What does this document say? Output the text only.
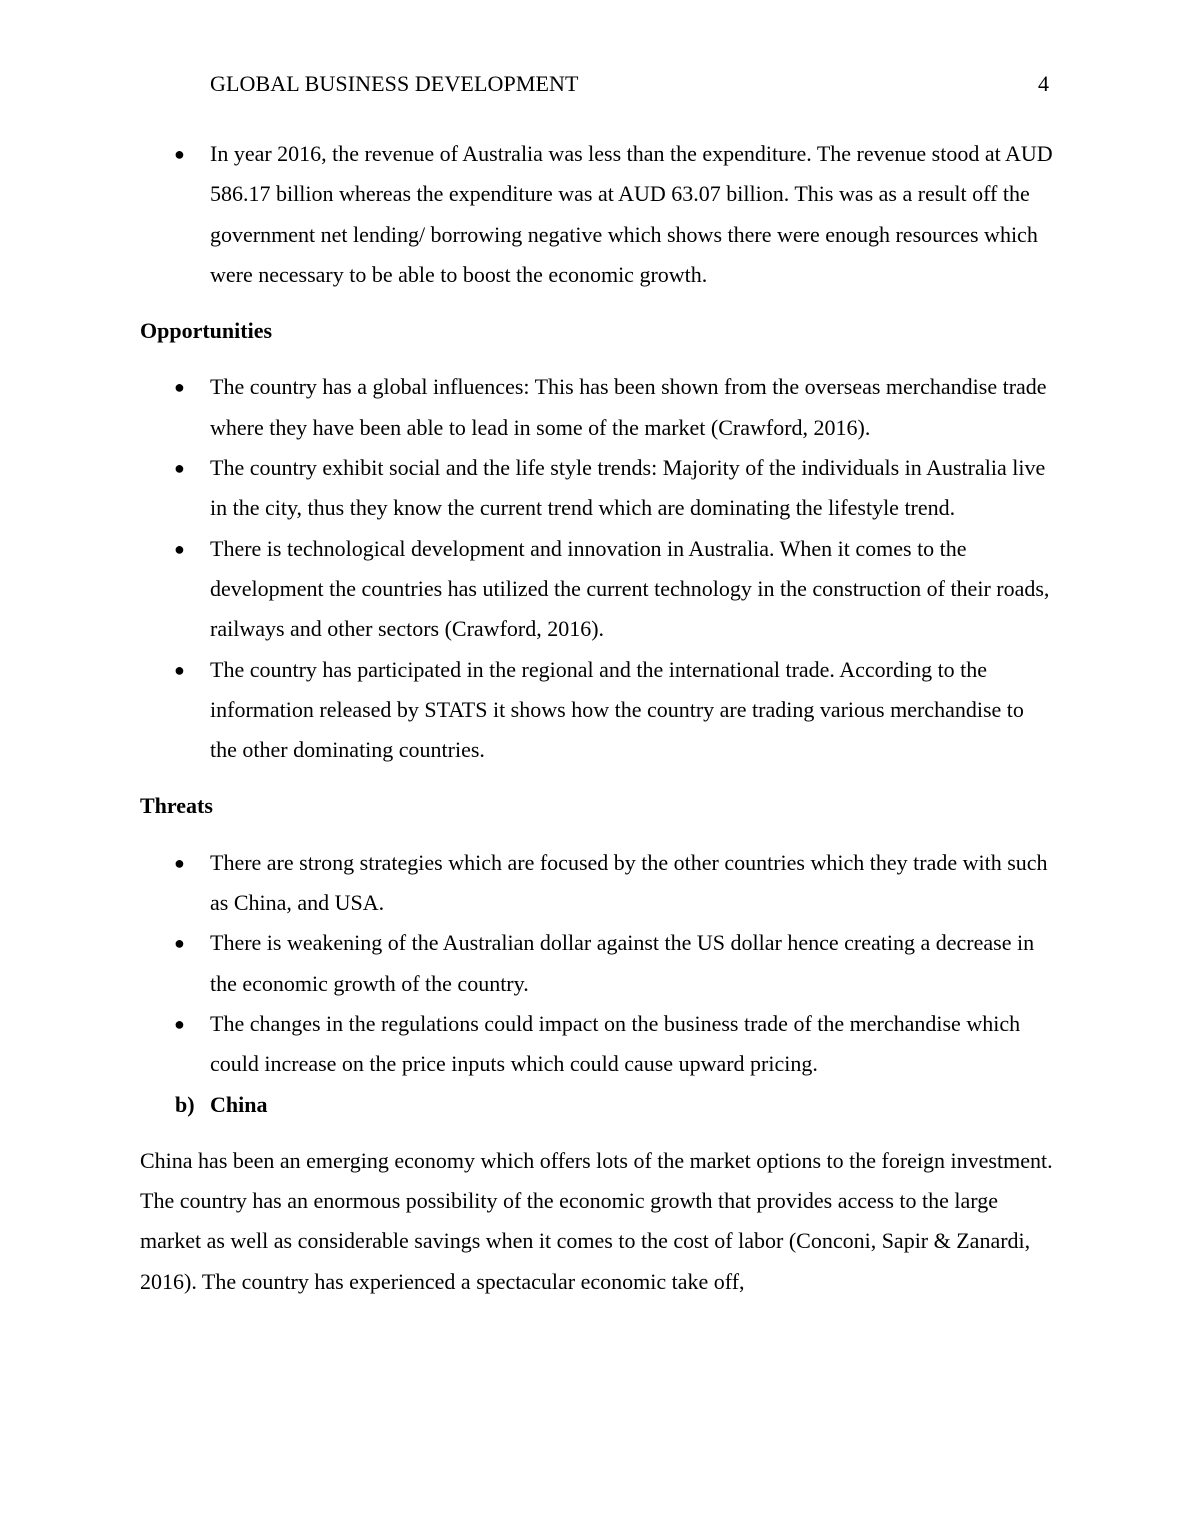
GLOBAL BUSINESS DEVELOPMENT	4
● In year 2016, the revenue of Australia was less than the expenditure. The revenue stood at AUD 586.17 billion whereas the expenditure was at AUD 63.07 billion. This was as a result off the government net lending/ borrowing negative which shows there were enough resources which were necessary to be able to boost the economic growth.
Opportunities
● The country has a global influences: This has been shown from the overseas merchandise trade where they have been able to lead in some of the market (Crawford, 2016).
● The country exhibit social and the life style trends: Majority of the individuals in Australia live in the city, thus they know the current trend which are dominating the lifestyle trend.
● There is technological development and innovation in Australia. When it comes to the development the countries has utilized the current technology in the construction of their roads, railways and other sectors (Crawford, 2016).
● The country has participated in the regional and the international trade. According to the information released by STATS it shows how the country are trading various merchandise to the other dominating countries.
Threats
● There are strong strategies which are focused by the other countries which they trade with such as China, and USA.
● There is weakening of the Australian dollar against the US dollar hence creating a decrease in the economic growth of the country.
● The changes in the regulations could impact on the business trade of the merchandise which could increase on the price inputs which could cause upward pricing.
b) China
China has been an emerging economy which offers lots of the market options to the foreign investment. The country has an enormous possibility of the economic growth that provides access to the large market as well as considerable savings when it comes to the cost of labor (Conconi, Sapir & Zanardi, 2016). The country has experienced a spectacular economic take off,
